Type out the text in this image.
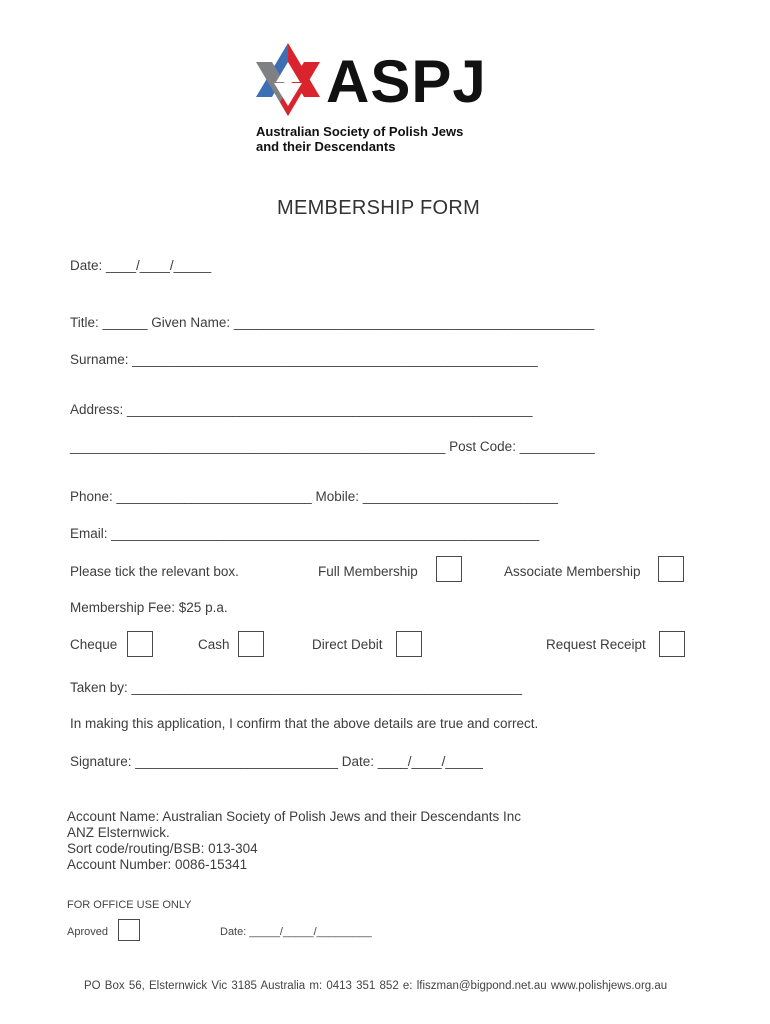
ASPJ
Australian Society of Polish Jews
and their Descendants
MEMBERSHIP FORM
Date: ____/____/_____
Title: ______ Given Name: ________________________________________________
Surname: ______________________________________________________
Address: ______________________________________________________
__________________________________________________ Post Code: __________
Phone: __________________________ Mobile: __________________________
Email: _________________________________________________________
Please tick the relevant box.	Full Membership	Associate Membership
Membership Fee: $25 p.a.
Cheque	Cash	Direct Debit	Request Receipt
Taken by: ____________________________________________________
In making this application, I confirm that the above details are true and correct.
Signature: ___________________________ Date: ____/____/_____
Account Name: Australian Society of Polish Jews and their Descendants Inc
ANZ Elsternwick.
Sort code/routing/BSB: 013-304
Account Number: 0086-15341
FOR OFFICE USE ONLY
Aproved	Date: _____/_____/_________
PO Box 56, Elsternwick Vic 3185 Australia m: 0413 351 852 e: lfiszman@bigpond.net.au www.polishjews.org.au
